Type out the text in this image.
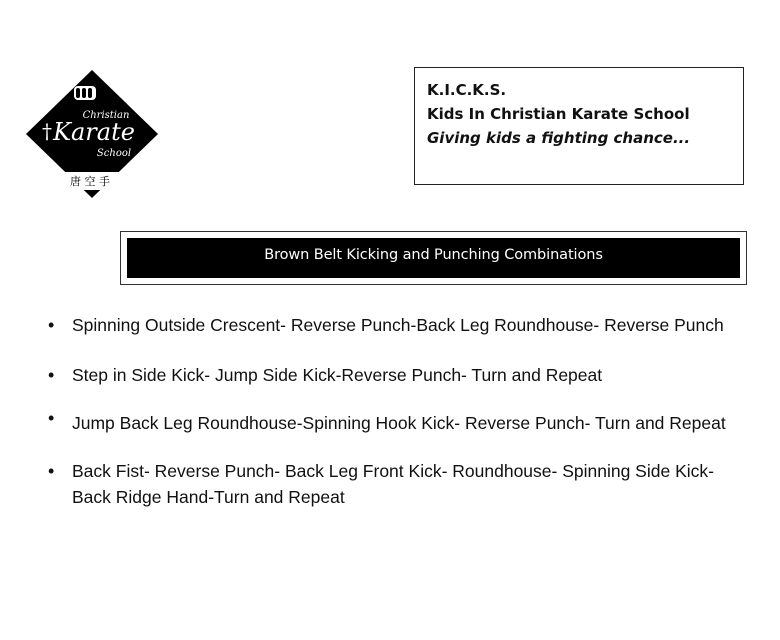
†
Christian
Karate
School
唐 空 手
K.I.C.K.S.
Kids In Christian Karate School
Giving kids a fighting chance...
Brown Belt Kicking and Punching Combinations
• Spinning Outside Crescent- Reverse Punch-Back Leg Roundhouse- Reverse Punch
• Step in Side Kick- Jump Side Kick-Reverse Punch- Turn and Repeat
• Jump Back Leg Roundhouse-Spinning Hook Kick- Reverse Punch- Turn and Repeat
• Back Fist- Reverse Punch- Back Leg Front Kick- Roundhouse- Spinning Side Kick- Back Ridge Hand-Turn and Repeat
